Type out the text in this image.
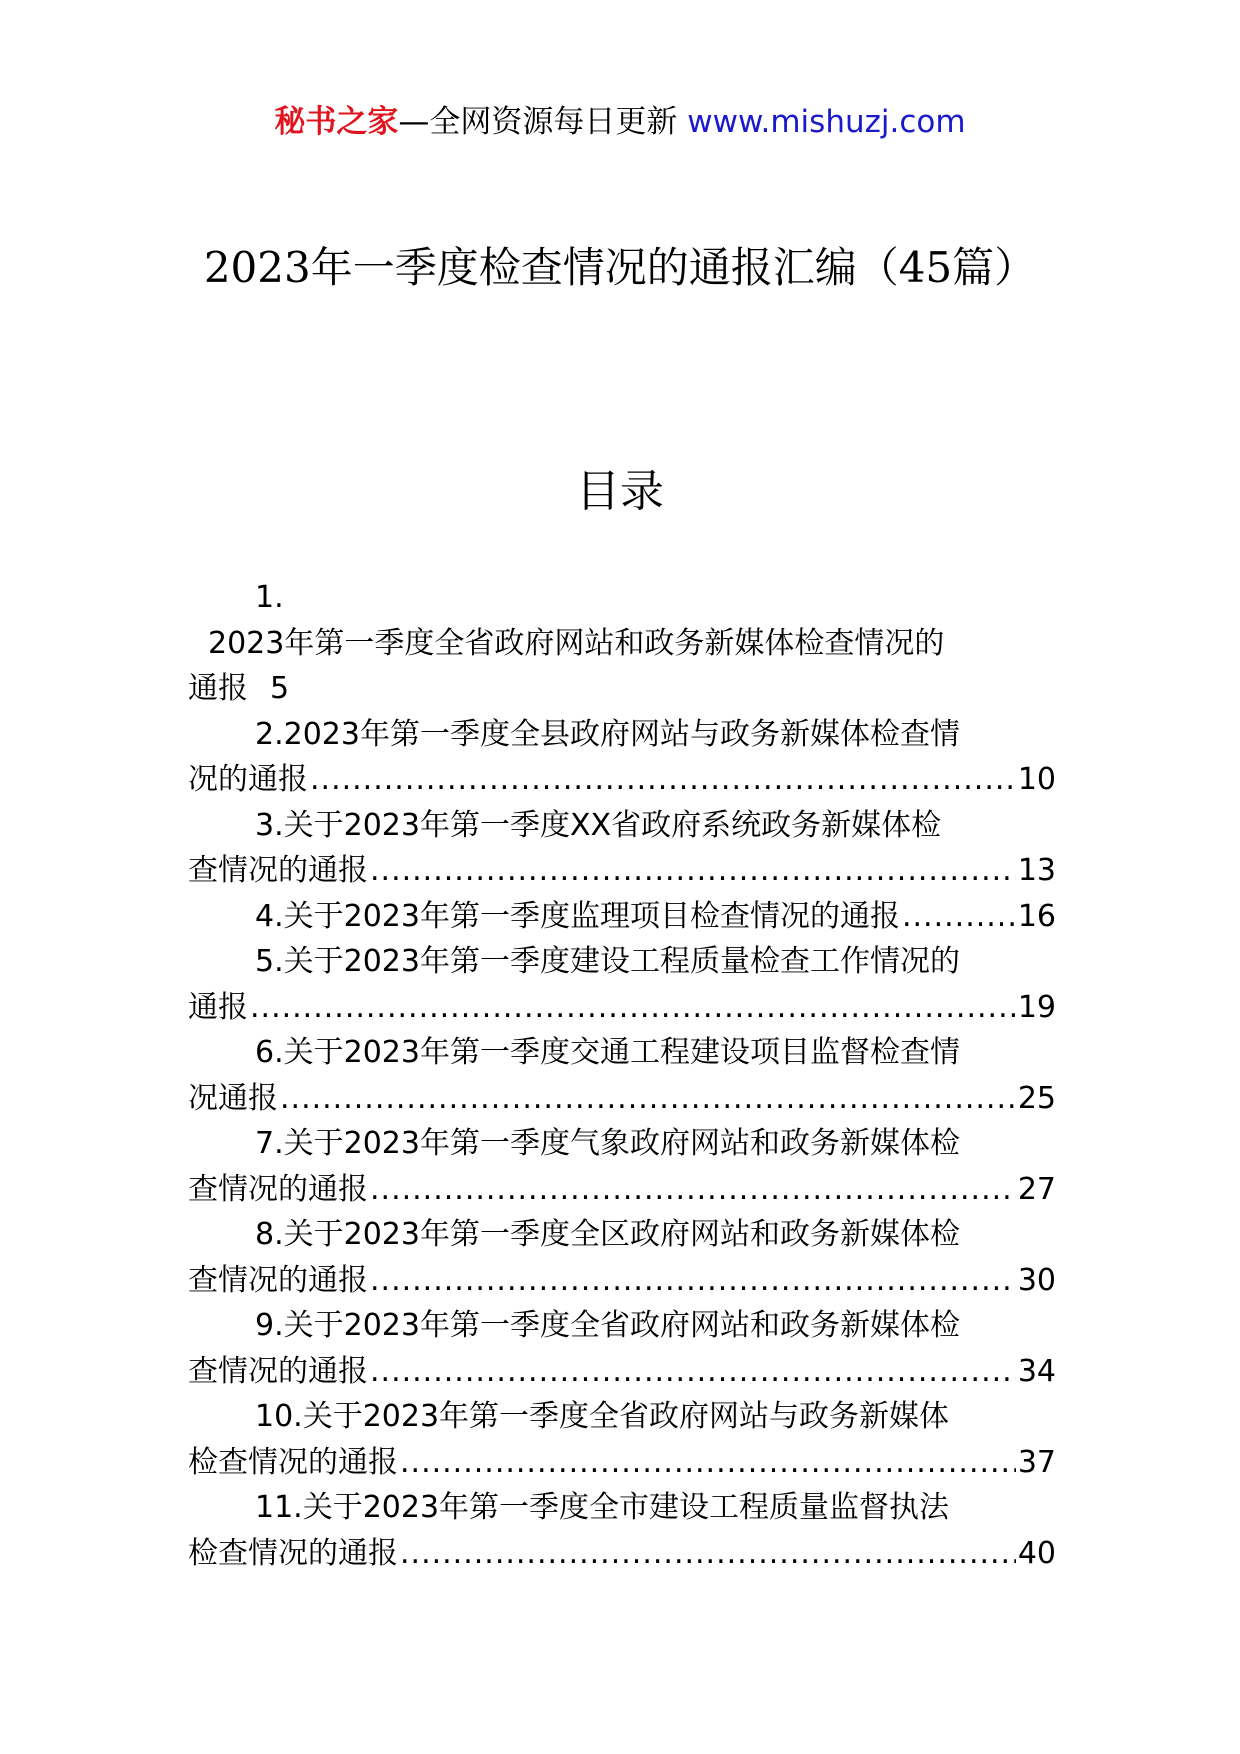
秘书之家—全网资源每日更新 www.mishuzj.com
2023年一季度检查情况的通报汇编（45篇）
目录
1.
2023年第一季度全省政府网站和政务新媒体检查情况的
通报 5
2.2023年第一季度全县政府网站与政务新媒体检查情
况的通报 .....	10
3.关于2023年第一季度XX省政府系统政务新媒体检
查情况的通报 .....	13
4.关于2023年第一季度监理项目检查情况的通报 .....	16
5.关于2023年第一季度建设工程质量检查工作情况的
通报 .....	19
6.关于2023年第一季度交通工程建设项目监督检查情
况通报 .....	25
7.关于2023年第一季度气象政府网站和政务新媒体检
查情况的通报 .....	27
8.关于2023年第一季度全区政府网站和政务新媒体检
查情况的通报 .....	30
9.关于2023年第一季度全省政府网站和政务新媒体检
查情况的通报 .....	34
10.关于2023年第一季度全省政府网站与政务新媒体
检查情况的通报 .....	37
11.关于2023年第一季度全市建设工程质量监督执法
检查情况的通报 .....	40
